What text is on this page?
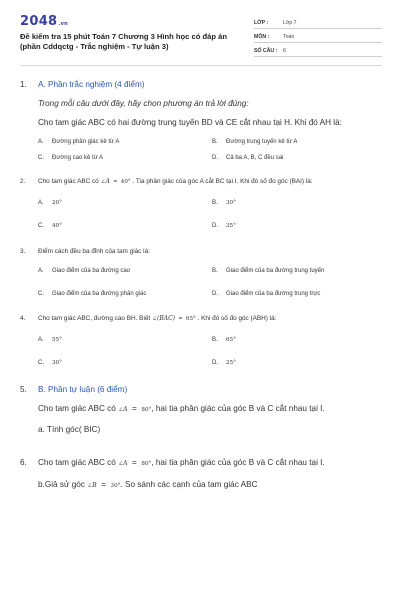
2048.vn
Đề kiểm tra 15 phút Toán 7 Chương 3 Hình học có đáp án (phần Cddqctg - Trắc nghiệm - Tự luận 3)
LỚP :	Lớp 7
MÔN :	Toán
SỐ CÂU :	6
1. A. Phần trắc nghiệm (4 điểm)
Trong mỗi câu dưới đây, hãy chọn phương án trả lời đúng:
Cho tam giác ABC có hai đường trung tuyến BD và CE cắt nhau tại H. Khi đó AH là:
A.	Đường phân giác kẻ từ A	B.	Đường trung tuyến kẻ từ A
C.	Đường cao kẻ từ A	D.	Cả ba A, B, C đều sai
2. Cho tam giác ABC có ∠A = 40° . Tia phân giác của góc A cắt BC tại I. Khi đó số đo góc (BAI) là:
A.	20°	B.	30°
C.	40°	D.	35°
3. Điểm cách đều ba đỉnh của tam giác là:
A.	Giao điểm của ba đường cao	B.	Giao điểm của ba đường trung tuyến
C.	Giao điểm của ba đường phân giác	D.	Giao điểm của ba đường trung trực
4. Cho tam giác ABC, đường cao BH. Biết ∠(BAC) = 65° . Khi đó số đo góc (ABH) là:
A.	55°	B.	65°
C.	30°	D.	25°
5. B. Phần tự luận (6 điểm)
Cho tam giác ABC có ∠A = 80°, hai tia phân giác của góc B và C cắt nhau tại I.
a. Tính góc( BIC)
6. Cho tam giác ABC có ∠A = 80°, hai tia phân giác của góc B và C cắt nhau tại I.
b.Giả sử góc ∠B = 30°. So sánh các cạnh của tam giác ABC
